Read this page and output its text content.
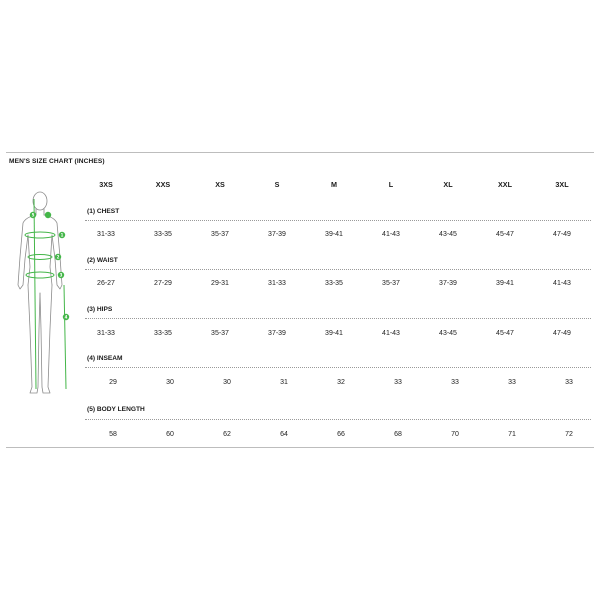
MEN'S SIZE CHART (INCHES)
5
1
2
3
4
3XS	XXS	XS	S	M	L	XL	XXL	3XL
(1) CHEST
31-33	33-35	35-37	37-39	39-41	41-43	43-45	45-47	47-49
(2) WAIST
26-27	27-29	29-31	31-33	33-35	35-37	37-39	39-41	41-43
(3) HIPS
31-33	33-35	35-37	37-39	39-41	41-43	43-45	45-47	47-49
(4) INSEAM
29	30	30	31	32	33	33	33	33
(5) BODY LENGTH
58	60	62	64	66	68	70	71	72
